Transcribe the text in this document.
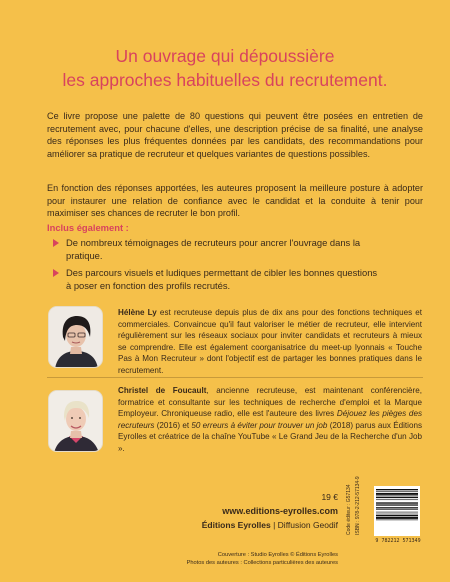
Un ouvrage qui dépoussière
les approches habituelles du recrutement.

Ce livre propose une palette de 80 questions qui peuvent être posées en entretien de recrutement avec, pour chacune d'elles, une description précise de sa finalité, une analyse des réponses les plus fréquentes données par les candidats, des recommandations pour améliorer sa pratique de recruteur et quelques variantes de questions possibles.

En fonction des réponses apportées, les auteures proposent la meilleure posture à adopter pour instaurer une relation de confiance avec le candidat et la conduite à tenir pour maximiser ses chances de recruter le bon profil.

Inclus également :
De nombreux témoignages de recruteurs pour ancrer l'ouvrage dans la pratique.
Des parcours visuels et ludiques permettant de cibler les bonnes questions à poser en fonction des profils recrutés.

Hélène Ly est recruteuse depuis plus de dix ans pour des fonctions techniques et commerciales. Convaincue qu'il faut valoriser le métier de recruteur, elle intervient régulièrement sur les réseaux sociaux pour inviter candidats et recruteurs à mieux se comprendre. Elle est également coorganisatrice du meet-up lyonnais « Touche Pas à Mon Recruteur » dont l'objectif est de partager les bonnes pratiques dans le recrutement.

Christel de Foucault, ancienne recruteuse, est maintenant conférencière, formatrice et consultante sur les techniques de recherche d'emploi et la Marque Employeur. Chroniqueuse radio, elle est l'auteure des livres Déjouez les pièges des recruteurs (2016) et 50 erreurs à éviter pour trouver un job (2018) parus aux Éditions Eyrolles et créatrice de la chaîne YouTube « Le Grand Jeu de la Recherche d'un Job ».

19 €
www.editions-eyrolles.com
Éditions Eyrolles | Diffusion Geodif
Couverture : Studio Eyrolles © Éditions Eyrolles
Photos des auteures : Collections particulières des auteures
Code éditeur : G57134 ISBN : 978-2-212-57134-9
9 782212 571349
